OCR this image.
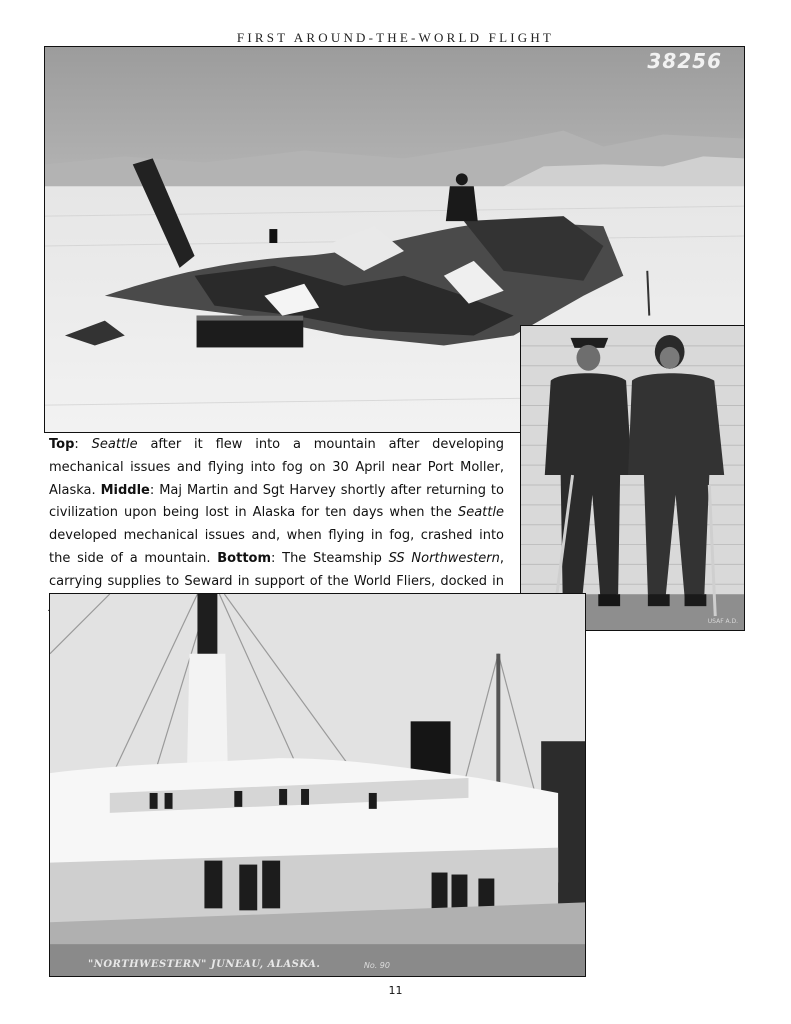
FIRST AROUND-THE-WORLD FLIGHT
38256
USAF A.D.
Top: Seattle after it flew into a mountain after developing mechanical issues and flying into fog on 30 April near Port Moller, Alaska. Middle: Maj Martin and Sgt Harvey shortly after returning to civilization upon being lost in Alaska for ten days when the Seattle developed mechanical issues and, when flying in fog, crashed into the side of a mountain. Bottom: The Steamship SS Northwestern, carrying supplies to Seward in support of the World Fliers, docked in
"NORTHWESTERN" JUNEAU, ALASKA.	No. 90
11
